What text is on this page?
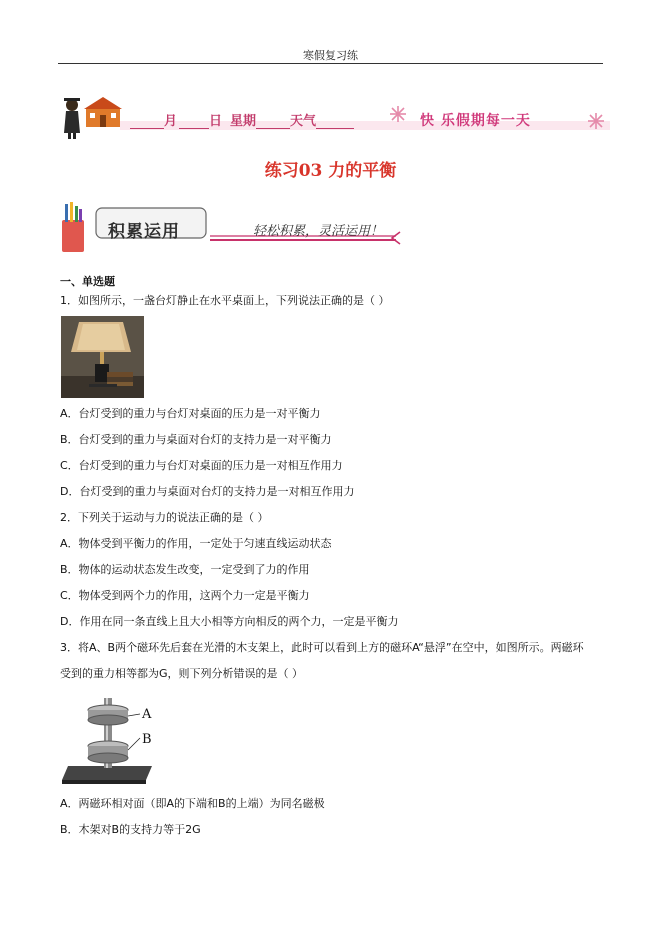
寒假复习练
月 日 星期	天气	快 乐假期每一天
练习03 力的平衡
积累运用	轻松积累，灵活运用！
一、单选题
1．如图所示，一盏台灯静止在水平桌面上，下列说法正确的是（ ）
A．台灯受到的重力与台灯对桌面的压力是一对平衡力
B．台灯受到的重力与桌面对台灯的支持力是一对平衡力
C．台灯受到的重力与台灯对桌面的压力是一对相互作用力
D．台灯受到的重力与桌面对台灯的支持力是一对相互作用力
2．下列关于运动与力的说法正确的是（ ）
A．物体受到平衡力的作用，一定处于匀速直线运动状态
B．物体的运动状态发生改变，一定受到了力的作用
C．物体受到两个力的作用，这两个力一定是平衡力
D．作用在同一条直线上且大小相等方向相反的两个力，一定是平衡力
3．将A、B两个磁环先后套在光滑的木支架上，此时可以看到上方的磁环A“悬浮”在空中，如图所示。两磁环
受到的重力相等都为G，则下列分析错误的是（ ）
A
B
A．两磁环相对面（即A的下端和B的上端）为同名磁极
B．木架对B的支持力等于2G
